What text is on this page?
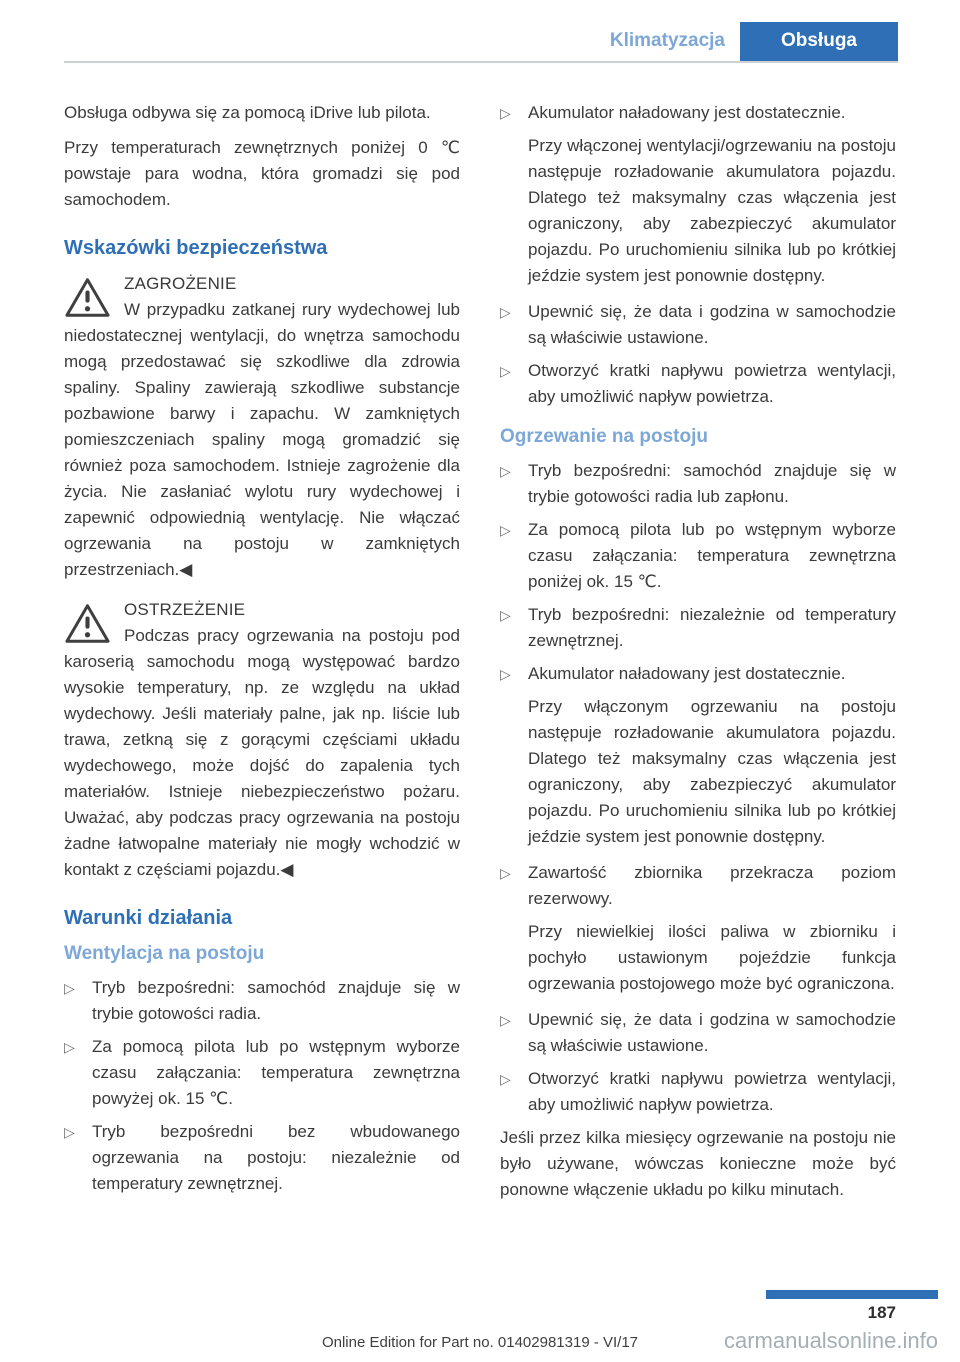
Klimatyzacja	Obsługa

Obsługa odbywa się za pomocą iDrive lub pilota.

Przy temperaturach zewnętrznych poniżej 0 ℃ powstaje para wodna, która gromadzi się pod samochodem.

Wskazówki bezpieczeństwa

ZAGROŻENIE
W przypadku zatkanej rury wydechowej lub niedostatecznej wentylacji, do wnętrza samochodu mogą przedostawać się szkodliwe dla zdrowia spaliny. Spaliny zawierają szkodliwe substancje pozbawione barwy i zapachu. W zamkniętych pomieszczeniach spaliny mogą gromadzić się również poza samochodem. Istnieje zagrożenie dla życia. Nie zasłaniać wylotu rury wydechowej i zapewnić odpowiednią wentylację. Nie włączać ogrzewania na postoju w zamkniętych przestrzeniach.◀

OSTRZEŻENIE
Podczas pracy ogrzewania na postoju pod karoserią samochodu mogą występować bardzo wysokie temperatury, np. ze względu na układ wydechowy. Jeśli materiały palne, jak np. liście lub trawa, zetkną się z gorącymi częściami układu wydechowego, może dojść do zapalenia tych materiałów. Istnieje niebezpieczeństwo pożaru. Uważać, aby podczas pracy ogrzewania na postoju żadne łatwopalne materiały nie mogły wchodzić w kontakt z częściami pojazdu.◀

Warunki działania
Wentylacja na postoju
▷	Tryb bezpośredni: samochód znajduje się w trybie gotowości radia.
▷	Za pomocą pilota lub po wstępnym wyborze czasu załączania: temperatura zewnętrzna powyżej ok. 15 ℃.
▷	Tryb bezpośredni bez wbudowanego ogrzewania na postoju: niezależnie od temperatury zewnętrznej.
▷	Akumulator naładowany jest dostatecznie.

Przy włączonej wentylacji/ogrzewaniu na postoju następuje rozładowanie akumulatora pojazdu. Dlatego też maksymalny czas włączenia jest ograniczony, aby zabezpieczyć akumulator pojazdu. Po uruchomieniu silnika lub po krótkiej jeździe system jest ponownie dostępny.

▷	Upewnić się, że data i godzina w samochodzie są właściwie ustawione.
▷	Otworzyć kratki napływu powietrza wentylacji, aby umożliwić napływ powietrza.
Ogrzewanie na postoju
▷	Tryb bezpośredni: samochód znajduje się w trybie gotowości radia lub zapłonu.
▷	Za pomocą pilota lub po wstępnym wyborze czasu załączania: temperatura zewnętrzna poniżej ok. 15 ℃.
▷	Tryb bezpośredni: niezależnie od temperatury zewnętrznej.
▷	Akumulator naładowany jest dostatecznie.

Przy włączonym ogrzewaniu na postoju następuje rozładowanie akumulatora pojazdu. Dlatego też maksymalny czas włączenia jest ograniczony, aby zabezpieczyć akumulator pojazdu. Po uruchomieniu silnika lub po krótkiej jeździe system jest ponownie dostępny.

▷	Zawartość zbiornika przekracza poziom rezerwowy.

Przy niewielkiej ilości paliwa w zbiorniku i pochyło ustawionym pojeździe funkcja ogrzewania postojowego może być ograniczona.

▷	Upewnić się, że data i godzina w samochodzie są właściwie ustawione.
▷	Otworzyć kratki napływu powietrza wentylacji, aby umożliwić napływ powietrza.

Jeśli przez kilka miesięcy ogrzewanie na postoju nie było używane, wówczas konieczne może być ponowne włączenie układu po kilku minutach.

187
Online Edition for Part no. 01402981319 - VI/17	carmanualsonline.info
